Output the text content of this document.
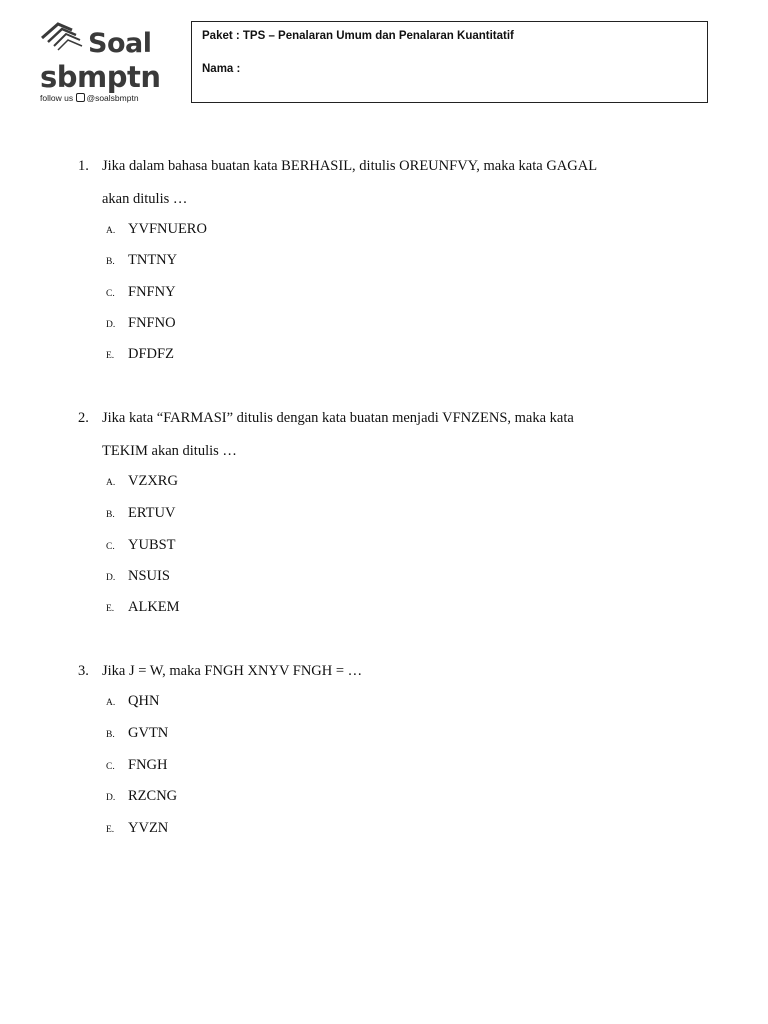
Soal
sbmptn
follow us @soalsbmptn
Paket : TPS – Penalaran Umum dan Penalaran Kuantitatif
Nama :
1. Jika dalam bahasa buatan kata BERHASIL, ditulis OREUNFVY, maka kata GAGAL
akan ditulis …
A. YVFNUERO
B. TNTNY
C. FNFNY
D. FNFNO
E. DFDFZ
2. Jika kata “FARMASI” ditulis dengan kata buatan menjadi VFNZENS, maka kata
TEKIM akan ditulis …
A. VZXRG
B. ERTUV
C. YUBST
D. NSUIS
E. ALKEM
3. Jika J = W, maka FNGH XNYV FNGH = …
A. QHN
B. GVTN
C. FNGH
D. RZCNG
E. YVZN
